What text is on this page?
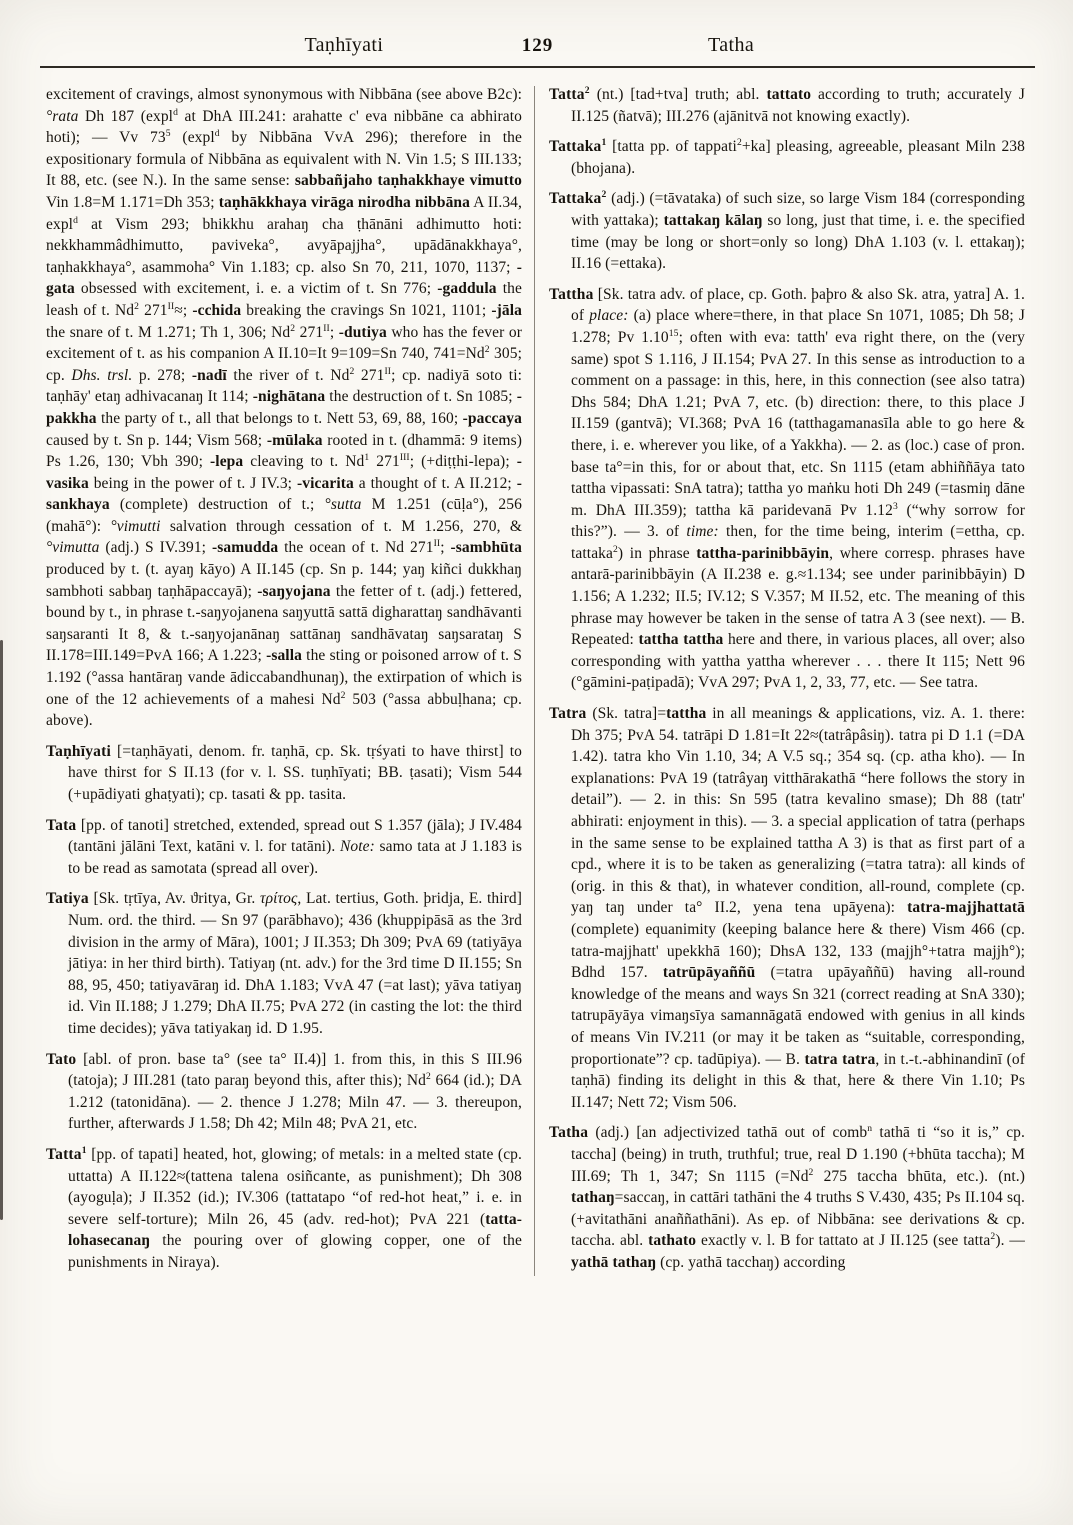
Taṇhīyati	129	Tatha

excitement of cravings, almost synonymous with Nibbāna (see above B2c): °rata Dh 187 (expl$^d$ at DhA III.241: arahatte c' eva nibbāne ca abhirato hoti); — Vv $73^5$ (expl$^d$ by Nibbāna VvA 296); therefore in the expositionary formula of Nibbāna as equivalent with N. Vin 1.5; S III.133; It 88, etc. (see N.). In the same sense: sabbañjaho taṇhakkhaye vimutto Vin 1.8=M 1.171=Dh 353; taṇhākkhaya virāga nirodha nibbāna A II.34, expl$^d$ at Vism 293; bhikkhu arahaŋ cha ṭhānāni adhimutto hoti: nekkhammâdhimutto, paviveka°, avyāpajjha°, upādānakkhaya°, taṇhakkhaya°, asammoha° Vin 1.183; cp. also Sn 70, 211, 1070, 1137; -gata obsessed with excitement, i. e. a victim of t. Sn 776; -gaddula the leash of t. Nd$^2$ $271^{II}\approx$; -cchida breaking the cravings Sn 1021, 1101; -jāla the snare of t. M 1.271; Th 1, 306; Nd$^2$ $271^{II}$; -dutiya who has the fever or excitement of t. as his companion A II.10=It 9=109=Sn 740, $741=Nd^2$ 305; cp. Dhs. trsl. p. 278; -nadī the river of t. Nd$^2$ $271^{II}$; cp. nadiyā soto ti: taṇhāy' etaŋ adhivacanaŋ It 114; -nighātana the destruction of t. Sn 1085; -pakkha the party of t., all that belongs to t. Nett 53, 69, 88, 160; -paccaya caused by t. Sn p. 144; Vism 568; -mūlaka rooted in t. (dhammā: 9 items) Ps 1.26, 130; Vbh 390; -lepa cleaving to t. Nd$^1$ $271^{III}$; (+diṭṭhi-lepa); -vasika being in the power of t. J IV.3; -vicarita a thought of t. A II.212; -sankhaya (complete) destruction of t.; °sutta M 1.251 (cūḷa°), 256 (mahā°): °vimutti salvation through cessation of t. M 1.256, 270, & °vimutta (adj.) S IV.391; -samudda the ocean of t. Nd $271^{II}$; -sambhūta produced by t. (t. ayaŋ kāyo) A II.145 (cp. Sn p. 144; yaŋ kiñci dukkhaŋ sambhoti sabbaŋ taṇhāpaccayā); -saŋyojana the fetter of t. (adj.) fettered, bound by t., in phrase t.-saŋyojanena saŋyuttā sattā digharattaŋ sandhāvanti saŋsaranti It 8, & t.-saŋyojanānaŋ sattānaŋ sandhāvataŋ saŋsarataŋ S II.178=III.149=PvA 166; A 1.223; -salla the sting or poisoned arrow of t. S 1.192 (°assa hantāraŋ vande ādiccabandhunaŋ), the extirpation of which is one of the 12 achievements of a mahesi Nd$^2$ 503 (°assa abbuḷhana; cp. above).

Taṇhīyati [=taṇhāyati, denom. fr. taṇhā, cp. Sk. tṛśyati to have thirst] to have thirst for S II.13 (for v. l. SS. tuṇhīyati; BB. ṭasati); Vism 544 (+upādiyati ghaṭyati); cp. tasati & pp. tasita.

Tata [pp. of tanoti] stretched, extended, spread out S 1.357 (jāla); J IV.484 (tantāni jālāni Text, katāni v. l. for tatāni). Note: samo tata at J 1.183 is to be read as samotata (spread all over).

Tatiya [Sk. tṛtīya, Av. ϑritya, Gr. τρίτος, Lat. tertius, Goth. þridja, E. third] Num. ord. the third. — Sn 97 (parābhavo); 436 (khuppipāsā as the 3rd division in the army of Māra), 1001; J II.353; Dh 309; PvA 69 (tatiyāya jātiya: in her third birth). Tatiyaŋ (nt. adv.) for the 3rd time D II.155; Sn 88, 95, 450; tatiyavāraŋ id. DhA 1.183; VvA 47 (=at last); yāva tatiyaŋ id. Vin II.188; J 1.279; DhA II.75; PvA 272 (in casting the lot: the third time decides); yāva tatiyakaŋ id. D 1.95.

Tato [abl. of pron. base ta° (see ta° II.4)] 1. from this, in this S III.96 (tatoja); J III.281 (tato paraŋ beyond this, after this); Nd$^2$ 664 (id.); DA 1.212 (tatonidāna). — 2. thence J 1.278; Miln 47. — 3. thereupon, further, afterwards J 1.58; Dh 42; Miln 48; PvA 21, etc.

Tatta$^1$ [pp. of tapati] heated, hot, glowing; of metals: in a melted state (cp. uttatta) A II.122≈(tattena talena osiñcante, as punishment); Dh 308 (ayoguḷa); J II.352 (id.); IV.306 (tattatapo “of red-hot heat,” i. e. in severe self-torture); Miln 26, 45 (adv. red-hot); PvA 221 (tatta-lohasecanaŋ the pouring over of glowing copper, one of the punishments in Niraya).

Tatta$^2$ (nt.) [tad+tva] truth; abl. tattato according to truth; accurately J II.125 (ñatvā); III.276 (ajānitvā not knowing exactly).

Tattaka$^1$ [tatta pp. of tappati$^2$+ka] pleasing, agreeable, pleasant Miln 238 (bhojana).

Tattaka$^2$ (adj.) (=tāvataka) of such size, so large Vism 184 (corresponding with yattaka); tattakaŋ kālaŋ so long, just that time, i. e. the specified time (may be long or short=only so long) DhA 1.103 (v. l. ettakaŋ); II.16 (=ettaka).

Tattha [Sk. tatra adv. of place, cp. Goth. þaþro & also Sk. atra, yatra] A. 1. of place: (a) place where=there, in that place Sn 1071, 1085; Dh 58; J 1.278; Pv 1.10$^{15}$; often with eva: tatth' eva right there, on the (very same) spot S 1.116, J II.154; PvA 27. In this sense as introduction to a comment on a passage: in this, here, in this connection (see also tatra) Dhs 584; DhA 1.21; PvA 7, etc. (b) direction: there, to this place J II.159 (gantvā); VI.368; PvA 16 (tatthagamanasīla able to go here & there, i. e. wherever you like, of a Yakkha). — 2. as (loc.) case of pron. base ta°=in this, for or about that, etc. Sn 1115 (etam abhiññāya tato tattha vipassati: SnA tatra); tattha yo maṅku hoti Dh 249 (=tasmiŋ dāne m. DhA III.359); tattha kā paridevanā Pv 1.12$^3$ (“why sorrow for this?”). — 3. of time: then, for the time being, interim (=ettha, cp. tattaka$^2$) in phrase tattha-parinibbāyin, where corresp. phrases have antarā-parinibbāyin (A II.238 e. g.≈1.134; see under parinibbāyin) D 1.156; A 1.232; II.5; IV.12; S V.357; M II.52, etc. The meaning of this phrase may however be taken in the sense of tatra A 3 (see next). — B. Repeated: tattha tattha here and there, in various places, all over; also corresponding with yattha yattha wherever . . . there It 115; Nett 96 (°gāmini-paṭipadā); VvA 297; PvA 1, 2, 33, 77, etc. — See tatra.

Tatra (Sk. tatra]=tattha in all meanings & applications, viz. A. 1. there: Dh 375; PvA 54. tatrāpi D 1.81=It 22≈(tatrâpâsiŋ). tatra pi D 1.1 (=DA 1.42). tatra kho Vin 1.10, 34; A V.5 sq.; 354 sq. (cp. atha kho). — In explanations: PvA 19 (tatrâyaŋ vitthārakathā “here follows the story in detail”). — 2. in this: Sn 595 (tatra kevalino smase); Dh 88 (tatr' abhirati: enjoyment in this). — 3. a special application of tatra (perhaps in the same sense to be explained tattha A 3) is that as first part of a cpd., where it is to be taken as generalizing (=tatra tatra): all kinds of (orig. in this & that), in whatever condition, all-round, complete (cp. yaŋ taŋ under ta° II.2, yena tena upāyena): tatra-majjhattatā (complete) equanimity (keeping balance here & there) Vism 466 (cp. tatra-majjhatt' upekkhā 160); DhsA 132, 133 (majjh°+tatra majjh°); Bdhd 157. tatrūpāyaññū (=tatra upāyaññū) having all-round knowledge of the means and ways Sn 321 (correct reading at SnA 330); tatrupāyāya vimaŋsīya samannāgatā endowed with genius in all kinds of means Vin IV.211 (or may it be taken as “suitable, corresponding, proportionate”? cp. tadūpiya). — B. tatra tatra, in t.-t.-abhinandinī (of taṇhā) finding its delight in this & that, here & there Vin 1.10; Ps II.147; Nett 72; Vism 506.

Tatha (adj.) [an adjectivized tathā out of comb$^n$ tathā ti “so it is,” cp. taccha] (being) in truth, truthful; true, real D 1.190 (+bhūta taccha); M III.69; Th 1, 347; Sn 1115 ($=Nd^2$ 275 taccha bhūta, etc.). (nt.) tathaŋ=saccaŋ, in cattāri tathāni the 4 truths S V.430, 435; Ps II.104 sq. (+avitathāni anaññathāni). As ep. of Nibbāna: see derivations & cp. taccha. abl. tathato exactly v. l. B for tattato at J II.125 (see tatta$^2$). — yathā tathaŋ (cp. yathā tacchaŋ) according
